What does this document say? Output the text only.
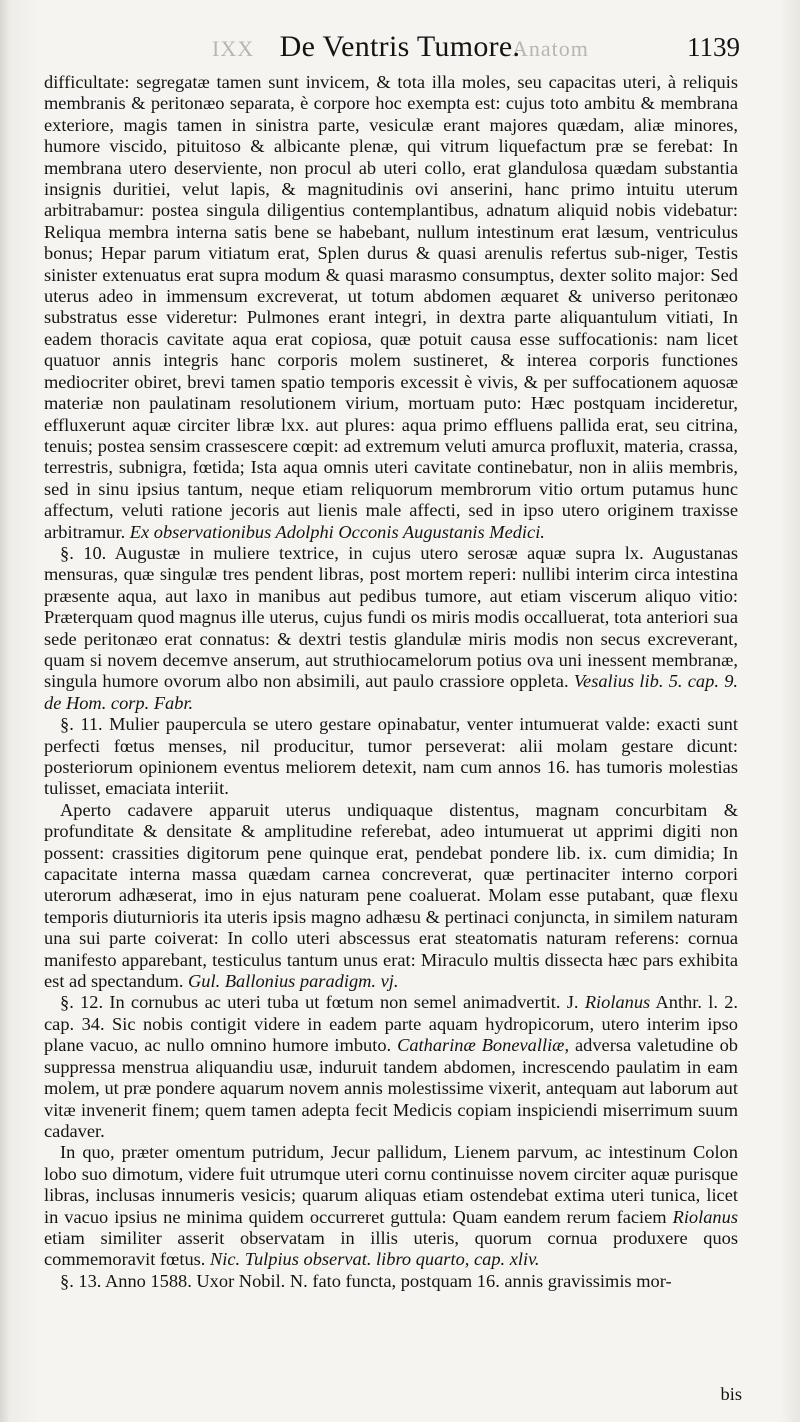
IXX	Anatom
De Ventris Tumore.	1139

difficultate: segregatæ tamen sunt invicem, & tota illa moles, seu capacitas uteri, à reliquis membranis & peritonæo separata, è corpore hoc exempta est: cujus toto ambitu & membrana exteriore, magis tamen in sinistra parte, vesiculæ erant majores quædam, aliæ minores, humore viscido, pituitoso & albicante plenæ, qui vitrum liquefactum præ se ferebat: In membrana utero deserviente, non procul ab uteri collo, erat glandulosa quædam substantia insignis duritiei, velut lapis, & magnitudinis ovi anserini, hanc primo intuitu uterum arbitrabamur: postea singula diligentius contemplantibus, adnatum aliquid nobis videbatur: Reliqua membra interna satis bene se habebant, nullum intestinum erat læsum, ventriculus bonus; Hepar parum vitiatum erat, Splen durus & quasi arenulis refertus sub-niger, Testis sinister extenuatus erat supra modum & quasi marasmo consumptus, dexter solito major: Sed uterus adeo in immensum excreverat, ut totum abdomen æquaret & universo peritonæo substratus esse videretur: Pulmones erant integri, in dextra parte aliquantulum vitiati, In eadem thoracis cavitate aqua erat copiosa, quæ potuit causa esse suffocationis: nam licet quatuor annis integris hanc corporis molem sustineret, & interea corporis functiones mediocriter obiret, brevi tamen spatio temporis excessit è vivis, & per suffocationem aquosæ materiæ non paulatinam resolutionem virium, mortuam puto: Hæc postquam incideretur, effluxerunt aquæ circiter libræ lxx. aut plures: aqua primo effluens pallida erat, seu citrina, tenuis; postea sensim crassescere cœpit: ad extremum veluti amurca profluxit, materia, crassa, terrestris, subnigra, fœtida; Ista aqua omnis uteri cavitate continebatur, non in aliis membris, sed in sinu ipsius tantum, neque etiam reliquorum membrorum vitio ortum putamus hunc affectum, veluti ratione jecoris aut lienis male affecti, sed in ipso utero originem traxisse arbitramur. Ex observationibus Adolphi Occonis Augustanis Medici.

§. 10. Augustæ in muliere textrice, in cujus utero serosæ aquæ supra lx. Augustanas mensuras, quæ singulæ tres pendent libras, post mortem reperi: nullibi interim circa intestina præsente aqua, aut laxo in manibus aut pedibus tumore, aut etiam viscerum aliquo vitio: Præterquam quod magnus ille uterus, cujus fundi os miris modis occalluerat, tota anteriori sua sede peritonæo erat connatus: & dextri testis glandulæ miris modis non secus excreverant, quam si novem decemve anserum, aut struthiocamelorum potius ova uni inessent membranæ, singula humore ovorum albo non absimili, aut paulo crassiore oppleta. Vesalius lib. 5. cap. 9. de Hom. corp. Fabr.

§. 11. Mulier paupercula se utero gestare opinabatur, venter intumuerat valde: exacti sunt perfecti fœtus menses, nil producitur, tumor perseverat: alii molam gestare dicunt: posteriorum opinionem eventus meliorem detexit, nam cum annos 16. has tumoris molestias tulisset, emaciata interiit.

Aperto cadavere apparuit uterus undiquaque distentus, magnam concurbitam & profunditate & densitate & amplitudine referebat, adeo intumuerat ut apprimi digiti non possent: crassities digitorum pene quinque erat, pendebat pondere lib. ix. cum dimidia; In capacitate interna massa quædam carnea concreverat, quæ pertinaciter interno corpori uterorum adhæserat, imo in ejus naturam pene coaluerat. Molam esse putabant, quæ flexu temporis diuturnioris ita uteris ipsis magno adhæsu & pertinaci conjuncta, in similem naturam una sui parte coiverat: In collo uteri abscessus erat steatomatis naturam referens: cornua manifesto apparebant, testiculus tantum unus erat: Miraculo multis dissecta hæc pars exhibita est ad spectandum. Gul. Ballonius paradigm. vj.

§. 12. In cornubus ac uteri tuba ut fœtum non semel animadvertit. J. Riolanus Anthr. l. 2. cap. 34. Sic nobis contigit videre in eadem parte aquam hydropicorum, utero interim ipso plane vacuo, ac nullo omnino humore imbuto. Catharinæ Bonevalliæ, adversa valetudine ob suppressa menstrua aliquandiu usæ, induruit tandem abdomen, increscendo paulatim in eam molem, ut præ pondere aquarum novem annis molestissime vixerit, antequam aut laborum aut vitæ invenerit finem; quem tamen adepta fecit Medicis copiam inspiciendi miserrimum suum cadaver.

In quo, præter omentum putridum, Jecur pallidum, Lienem parvum, ac intestinum Colon lobo suo dimotum, videre fuit utrumque uteri cornu continuisse novem circiter aquæ purisque libras, inclusas innumeris vesicis; quarum aliquas etiam ostendebat extima uteri tunica, licet in vacuo ipsius ne minima quidem occurreret guttula: Quam eandem rerum faciem Riolanus etiam similiter asserit observatam in illis uteris, quorum cornua produxere quos commemoravit fœtus. Nic. Tulpius observat. libro quarto, cap. xliv.

§. 13. Anno 1588. Uxor Nobil. N. fato functa, postquam 16. annis gravissimis mor-

bis
